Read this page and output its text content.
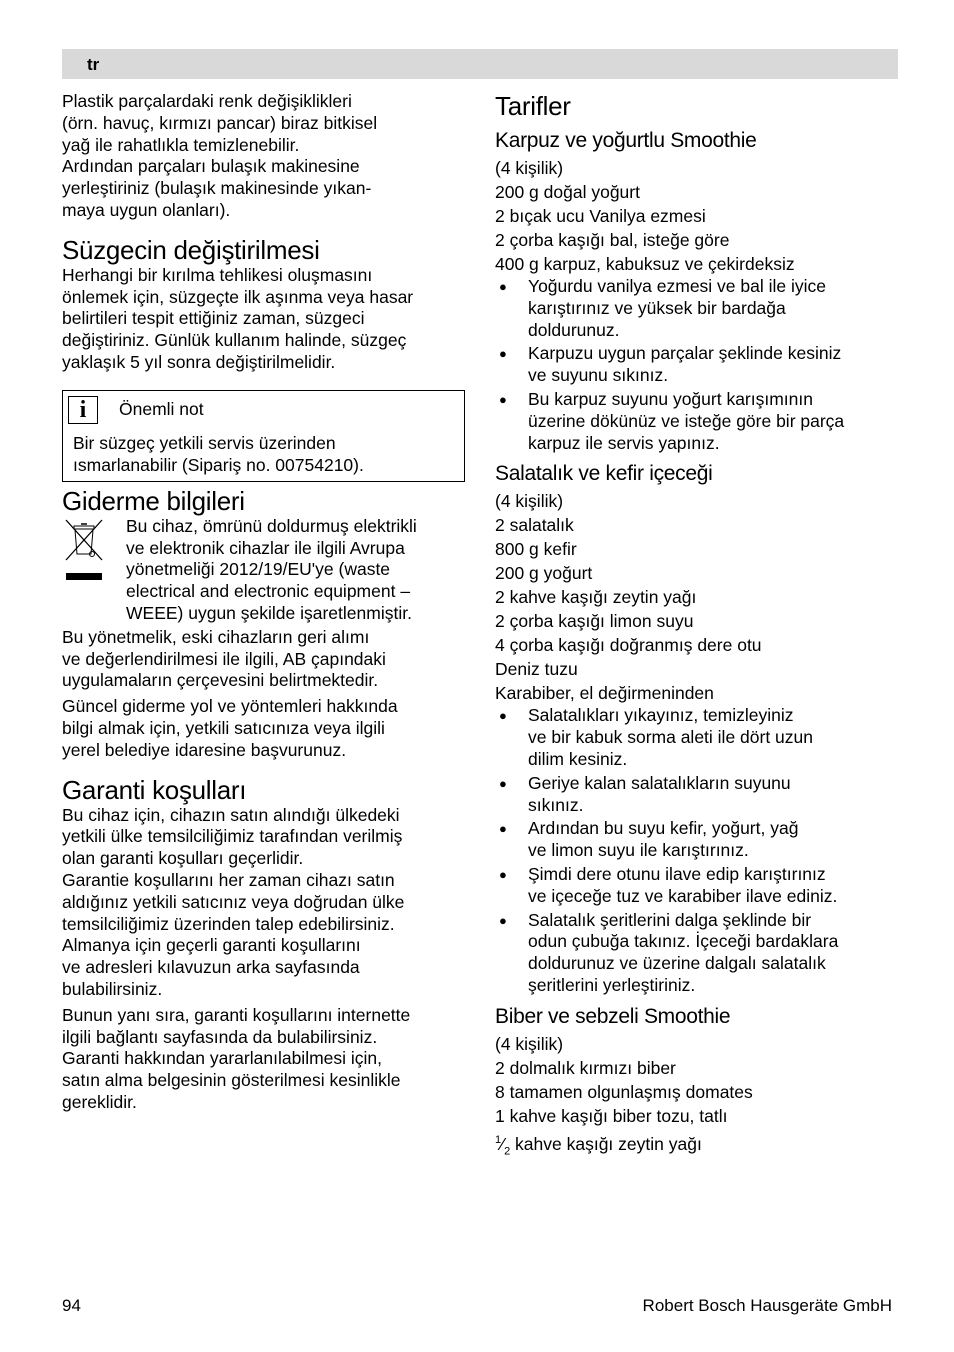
tr

Plastik parçalardaki renk değişiklikleri
(örn. havuç, kırmızı pancar) biraz bitkisel
yağ ile rahatlıkla temizlenebilir.
Ardından parçaları bulaşık makinesine
yerleştiriniz (bulaşık makinesinde yıkan-
maya uygun olanları).

Süzgecin değiştirilmesi

Herhangi bir kırılma tehlikesi oluşmasını
önlemek için, süzgeçte ilk aşınma veya hasar
belirtileri tespit ettiğiniz zaman, süzgeci
değiştiriniz. Günlük kullanım halinde, süzgeç
yaklaşık 5 yıl sonra değiştirilmelidir.

i	Önemli not
Bir süzgeç yetkili servis üzerinden
ısmarlanabilir (Sipariş no. 00754210).
Giderme bilgileri

Bu cihaz, ömrünü doldurmuş elektrikli
ve elektronik cihazlar ile ilgili Avrupa
yönetmeliği 2012/19/EU'ye (waste
electrical and electronic equipment –
WEEE) uygun şekilde işaretlenmiştir.

Bu yönetmelik, eski cihazların geri alımı
ve değerlendirilmesi ile ilgili, AB çapındaki
uygulamaların çerçevesini belirtmektedir.

Güncel giderme yol ve yöntemleri hakkında
bilgi almak için, yetkili satıcınıza veya ilgili
yerel belediye idaresine başvurunuz.

Garanti koşulları

Bu cihaz için, cihazın satın alındığı ülkedeki
yetkili ülke temsilciliğimiz tarafından verilmiş
olan garanti koşulları geçerlidir.
Garantie koşullarını her zaman cihazı satın
aldığınız yetkili satıcınız veya doğrudan ülke
temsilciliğimiz üzerinden talep edebilirsiniz.
Almanya için geçerli garanti koşullarını
ve adresleri kılavuzun arka sayfasında
bulabilirsiniz.

Bunun yanı sıra, garanti koşullarını internette
ilgili bağlantı sayfasında da bulabilirsiniz.
Garanti hakkından yararlanılabilmesi için,
satın alma belgesinin gösterilmesi kesinlikle
gereklidir.

Tarifler
Karpuz ve yoğurtlu Smoothie
(4 kişilik)
200 g doğal yoğurt
2 bıçak ucu Vanilya ezmesi
2 çorba kaşığı bal, isteğe göre
400 g karpuz, kabuksuz ve çekirdeksiz
● Yoğurdu vanilya ezmesi ve bal ile iyice
karıştırınız ve yüksek bir bardağa
doldurunuz.
● Karpuzu uygun parçalar şeklinde kesiniz
ve suyunu sıkınız.
● Bu karpuz suyunu yoğurt karışımının
üzerine dökünüz ve isteğe göre bir parça
karpuz ile servis yapınız.
Salatalık ve kefir içeceği
(4 kişilik)
2 salatalık
800 g kefir
200 g yoğurt
2 kahve kaşığı zeytin yağı
2 çorba kaşığı limon suyu
4 çorba kaşığı doğranmış dere otu
Deniz tuzu
Karabiber, el değirmeninden
● Salatalıkları yıkayınız, temizleyiniz
ve bir kabuk sorma aleti ile dört uzun
dilim kesiniz.
● Geriye kalan salatalıkların suyunu
sıkınız.
● Ardından bu suyu kefir, yoğurt, yağ
ve limon suyu ile karıştırınız.
● Şimdi dere otunu ilave edip karıştırınız
ve içeceğe tuz ve karabiber ilave ediniz.
● Salatalık şeritlerini dalga şeklinde bir
odun çubuğa takınız. İçeceği bardaklara
doldurunuz ve üzerine dalgalı salatalık
şeritlerini yerleştiriniz.
Biber ve sebzeli Smoothie
(4 kişilik)
2 dolmalık kırmızı biber
8 tamamen olgunlaşmış domates
1 kahve kaşığı biber tozu, tatlı
$^1⁄_2$ kahve kaşığı zeytin yağı
94	Robert Bosch Hausgeräte GmbH
